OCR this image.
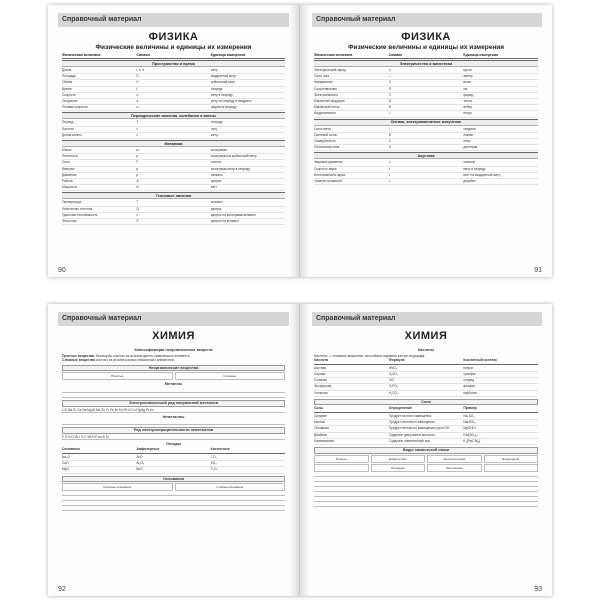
Справочный материал
ФИЗИКА
Физические величины и единицы их измерения
Физическая величина	Символ	Единица измерения
Пространство и время
Длина	l, s, d	метр
Площадь	S	квадратный метр
Объём	V	кубический метр
Время	t	секунда
Скорость	υ	метр в секунду
Ускорение	a	метр на секунду в квадрате
Угловая скорость	ω	радиан в секунду
Периодические явления, колебания и волны
Период	T	секунда
Частота	ν	герц
Длина волны	λ	метр
Механика
Масса	m	килограмм
Плотность	ρ	килограмм на кубический метр
Сила	F	ньютон
Импульс	p	килограмм-метр в секунду
Давление	p	паскаль
Работа	A	джоуль
Мощность	N	ватт
Тепловые явления
Температура	T	кельвин
Количество теплоты	Q	джоуль
Удельная теплоёмкость	c	джоуль на килограмм-кельвин
Энтропия	S	джоуль на кельвин
90
Справочный материал
ФИЗИКА
Физические величины и единицы их измерения
Физическая величина	Символ	Единица измерения
Электричество и магнетизм
Электрический заряд	q	кулон
Сила тока	I	ампер
Напряжение	U	вольт
Сопротивление	R	ом
Электроёмкость	C	фарад
Магнитная индукция	B	тесла
Магнитный поток	Φ	вебер
Индуктивность	L	генри
Оптика, электромагнитное излучение
Сила света	I	кандела
Световой поток	Φ	люмен
Освещённость	E	люкс
Оптическая сила	D	диоптрия
Акустика
Звуковое давление	p	паскаль
Скорость звука	c	метр в секунду
Интенсивность звука	I	ватт на квадратный метр
Уровень громкости	L	децибел
91
Справочный материал
ХИМИЯ
Классификация неорганических веществ
Простые вещества. Молекулы состоят из атомов одного химического элемента.
Сложные вещества состоят из атомов разных химических элементов.
Неорганические вещества
Простые	Сложные
Металлы
Электрохимический ряд напряжений металлов
Li K Ba Sr Ca Na Mg Al Mn Zn Cr Fe Ni Sn Pb H Cu Hg Ag Pt Au
Неметаллы
Ряд электроотрицательности неметаллов
F O N Cl Br I S C Se H P As B Si
Оксиды
Основные	Амфотерные	Кислотные
Na₂O	ZnO	CO₂
CaO	Al₂O₃	SO₃
MgO	BeO	P₂O₅
Основания
Сильные основания	Слабые основания
92
Справочный материал
ХИМИЯ
Кислоты
Кислоты — сложные вещества, способные отдавать катион водорода.
Кислота	Формула	Кислотный остаток
Азотная	HNO₃	нитрат
Серная	H₂SO₄	сульфат
Соляная	HCl	хлорид
Фосфорная	H₃PO₄	фосфат
Угольная	H₂CO₃	карбонат
Соли
Соль	Определение	Пример
Средние	Продукт полного замещения	Na₂SO₄
Кислые	Продукт неполного замещения	NaHSO₄
Основные	Продукт неполного замещения групп OH	MgOHCl
Двойные	Содержат два разных металла	KAl(SO₄)₂
Комплексные	Содержат комплексный ион	K₃[Fe(CN)₆]
Виды химической связи
Ионная	Ковалентная	Металлическая	Водородная
Полярная	Неполярная
93
